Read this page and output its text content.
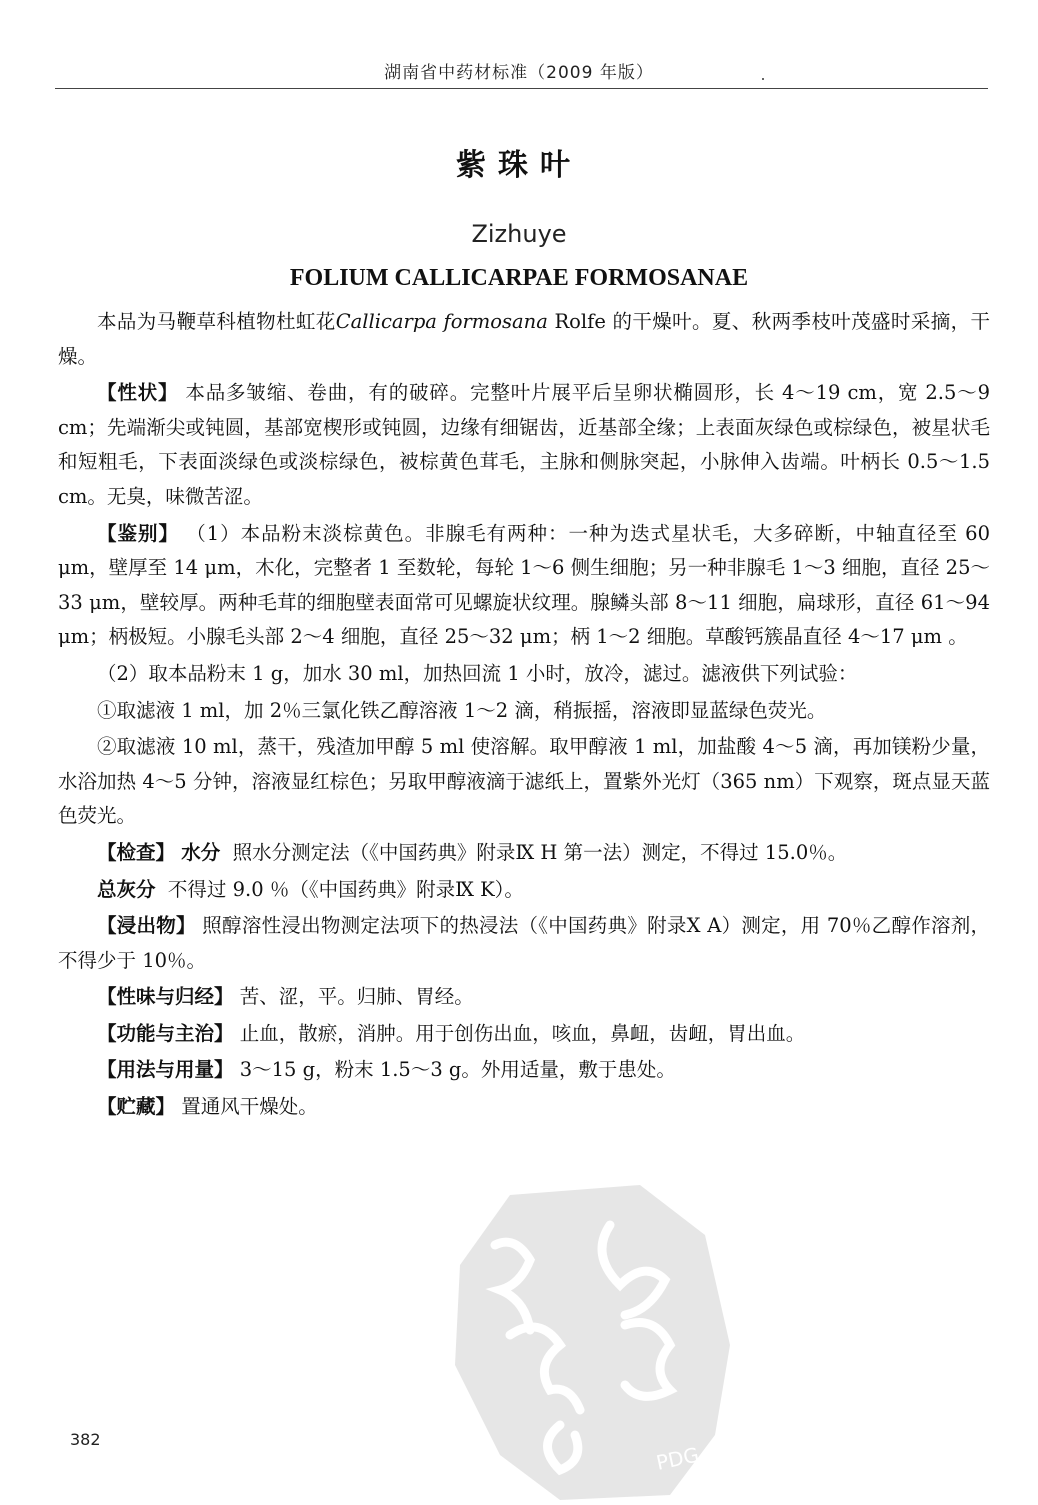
湖南省中药材标准（2009 年版）
紫珠叶
Zizhuye
FOLIUM CALLICARPAE FORMOSANAE

本品为马鞭草科植物杜虹花Callicarpa formosana Rolfe 的干燥叶。夏、秋两季枝叶茂盛时采摘，干燥。

【性状】 本品多皱缩、卷曲，有的破碎。完整叶片展平后呈卵状椭圆形，长 4～19 cm，宽 2.5～9 cm；先端渐尖或钝圆，基部宽楔形或钝圆，边缘有细锯齿，近基部全缘；上表面灰绿色或棕绿色，被星状毛和短粗毛，下表面淡绿色或淡棕绿色，被棕黄色茸毛，主脉和侧脉突起，小脉伸入齿端。叶柄长 0.5～1.5 cm。无臭，味微苦涩。

【鉴别】 （1）本品粉末淡棕黄色。非腺毛有两种：一种为迭式星状毛，大多碎断，中轴直径至 60 μm，壁厚至 14 μm，木化，完整者 1 至数轮，每轮 1～6 侧生细胞；另一种非腺毛 1～3 细胞，直径 25～33 μm，壁较厚。两种毛茸的细胞壁表面常可见螺旋状纹理。腺鳞头部 8～11 细胞，扁球形，直径 61～94 μm；柄极短。小腺毛头部 2～4 细胞，直径 25～32 μm；柄 1～2 细胞。草酸钙簇晶直径 4～17 μm 。

（2）取本品粉末 1 g，加水 30 ml，加热回流 1 小时，放冷，滤过。滤液供下列试验：

①取滤液 1 ml，加 2％三氯化铁乙醇溶液 1～2 滴，稍振摇，溶液即显蓝绿色荧光。

②取滤液 10 ml，蒸干，残渣加甲醇 5 ml 使溶解。取甲醇液 1 ml，加盐酸 4～5 滴，再加镁粉少量，水浴加热 4～5 分钟，溶液显红棕色；另取甲醇液滴于滤纸上，置紫外光灯（365 nm）下观察，斑点显天蓝色荧光。

【检查】 水分 照水分测定法（《中国药典》附录Ⅸ H 第一法）测定，不得过 15.0％。

总灰分 不得过 9.0 ％（《中国药典》附录Ⅸ K）。

【浸出物】 照醇溶性浸出物测定法项下的热浸法（《中国药典》附录Ⅹ A）测定，用 70％乙醇作溶剂，不得少于 10％。

【性味与归经】 苦、涩，平。归肺、胃经。

【功能与主治】 止血，散瘀，消肿。用于创伤出血，咳血，鼻衄，齿衄，胃出血。

【用法与用量】 3～15 g，粉末 1.5～3 g。外用适量，敷于患处。

【贮藏】 置通风干燥处。

PDG
382
